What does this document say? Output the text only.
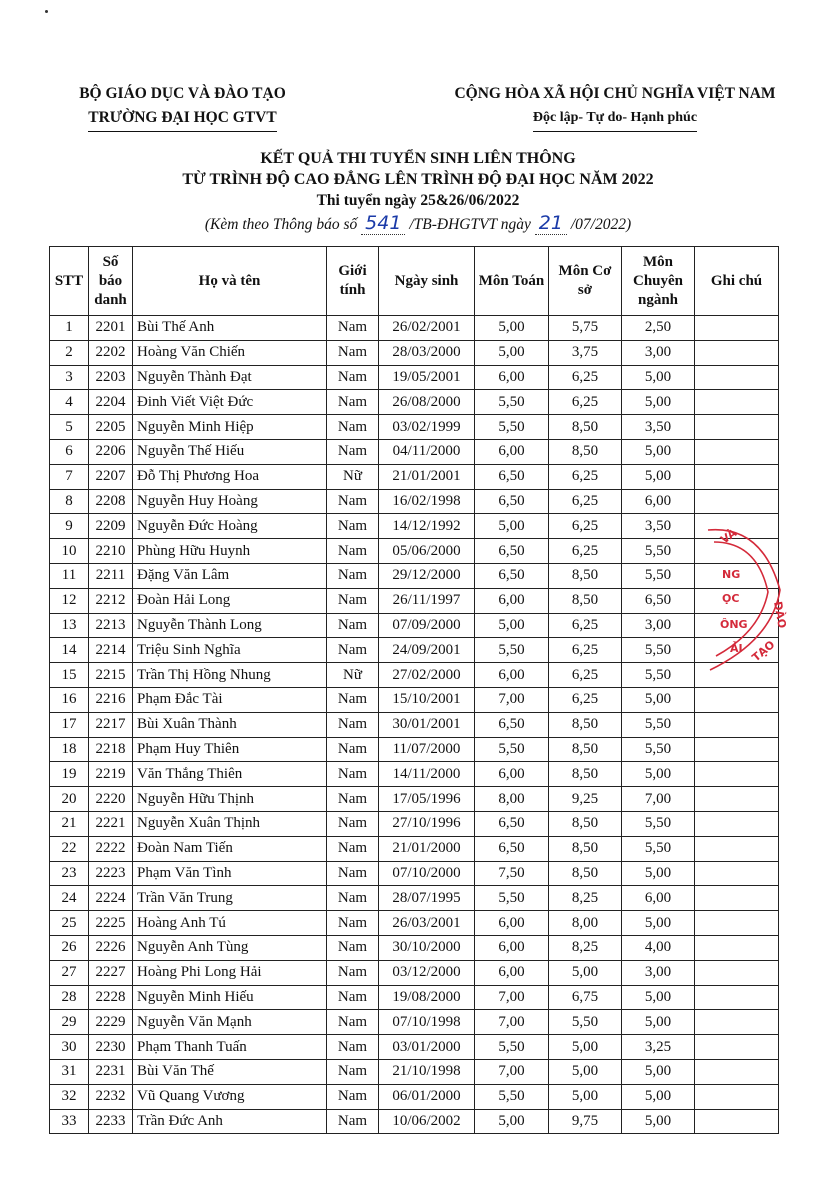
BỘ GIÁO DỤC VÀ ĐÀO TẠO
TRƯỜNG ĐẠI HỌC GTVT
CỘNG HÒA XÃ HỘI CHỦ NGHĨA VIỆT NAM
Độc lập- Tự do- Hạnh phúc
KẾT QUẢ THI TUYỂN SINH LIÊN THÔNG
TỪ TRÌNH ĐỘ CAO ĐẲNG LÊN TRÌNH ĐỘ ĐẠI HỌC NĂM 2022
Thi tuyển ngày 25&26/06/2022
(Kèm theo Thông báo số 541 /TB-ĐHGTVT ngày 21 /07/2022)
STT	Số báo danh	Họ và tên	Giới tính	Ngày sinh	Môn Toán	Môn Cơ sở	Môn Chuyên ngành	Ghi chú
1	2201	Bùi Thế Anh	Nam	26/02/2001	5,00	5,75	2,50	
2	2202	Hoàng Văn Chiến	Nam	28/03/2000	5,00	3,75	3,00	
3	2203	Nguyễn Thành Đạt	Nam	19/05/2001	6,00	6,25	5,00	
4	2204	Đinh Viết Việt Đức	Nam	26/08/2000	5,50	6,25	5,00	
5	2205	Nguyễn Minh Hiệp	Nam	03/02/1999	5,50	8,50	3,50	
6	2206	Nguyễn Thế Hiếu	Nam	04/11/2000	6,00	8,50	5,00	
7	2207	Đỗ Thị Phương Hoa	Nữ	21/01/2001	6,50	6,25	5,00	
8	2208	Nguyễn Huy Hoàng	Nam	16/02/1998	6,50	6,25	6,00	
9	2209	Nguyễn Đức Hoàng	Nam	14/12/1992	5,00	6,25	3,50	
10	2210	Phùng Hữu Huynh	Nam	05/06/2000	6,50	6,25	5,50	
11	2211	Đặng Văn Lâm	Nam	29/12/2000	6,50	8,50	5,50	
12	2212	Đoàn Hải Long	Nam	26/11/1997	6,00	8,50	6,50	
13	2213	Nguyễn Thành Long	Nam	07/09/2000	5,00	6,25	3,00	
14	2214	Triệu Sinh Nghĩa	Nam	24/09/2001	5,50	6,25	5,50	
15	2215	Trần Thị Hồng Nhung	Nữ	27/02/2000	6,00	6,25	5,50	
16	2216	Phạm Đắc Tài	Nam	15/10/2001	7,00	6,25	5,00	
17	2217	Bùi Xuân Thành	Nam	30/01/2001	6,50	8,50	5,50	
18	2218	Phạm Huy Thiên	Nam	11/07/2000	5,50	8,50	5,50	
19	2219	Văn Thắng Thiên	Nam	14/11/2000	6,00	8,50	5,00	
20	2220	Nguyễn Hữu Thịnh	Nam	17/05/1996	8,00	9,25	7,00	
21	2221	Nguyễn Xuân Thịnh	Nam	27/10/1996	6,50	8,50	5,50	
22	2222	Đoàn Nam Tiến	Nam	21/01/2000	6,50	8,50	5,50	
23	2223	Phạm Văn Tình	Nam	07/10/2000	7,50	8,50	5,00	
24	2224	Trần Văn Trung	Nam	28/07/1995	5,50	8,25	6,00	
25	2225	Hoàng Anh Tú	Nam	26/03/2001	6,00	8,00	5,00	
26	2226	Nguyễn Anh Tùng	Nam	30/10/2000	6,00	8,25	4,00	
27	2227	Hoàng Phi Long Hải	Nam	03/12/2000	6,00	5,00	3,00	
28	2228	Nguyễn Minh Hiếu	Nam	19/08/2000	7,00	6,75	5,00	
29	2229	Nguyễn Văn Mạnh	Nam	07/10/1998	7,00	5,50	5,00	
30	2230	Phạm Thanh Tuấn	Nam	03/01/2000	5,50	5,00	3,25	
31	2231	Bùi Văn Thế	Nam	21/10/1998	7,00	5,00	5,00	
32	2232	Vũ Quang Vương	Nam	06/01/2000	5,50	5,00	5,00	
33	2233	Trần Đức Anh	Nam	10/06/2002	5,00	9,75	5,00	
VÀ
NG
ỌC
ÔNG
ẢI
ĐÀO
TẠO
